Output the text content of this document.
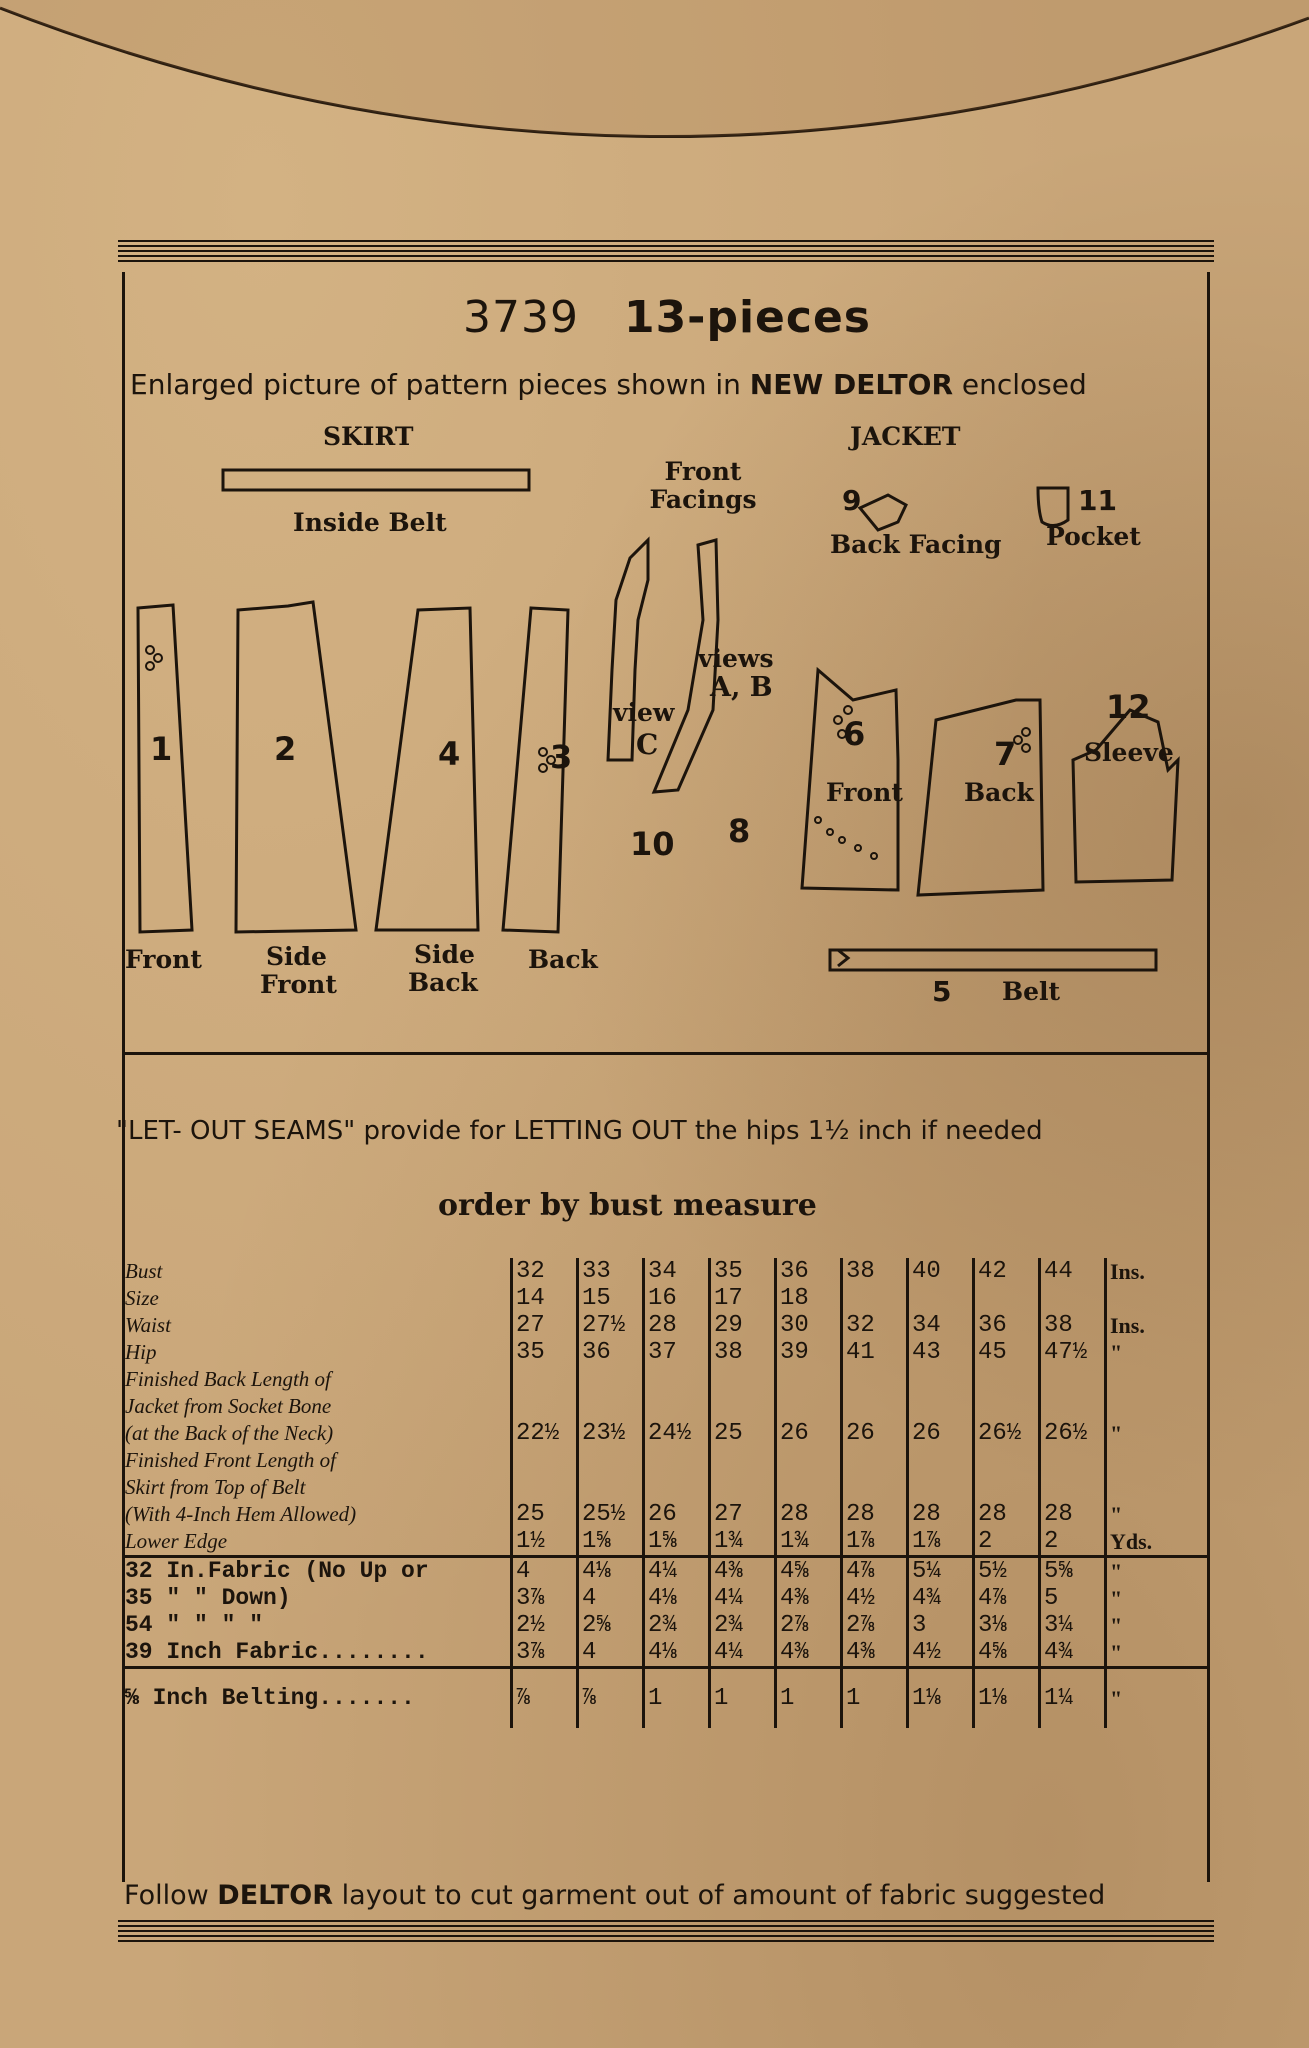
3739 13-pieces
Enlarged picture of pattern pieces shown in NEW DELTOR enclosed
SKIRT	JACKET
Inside Belt
Front Facings	9
Back Facing
11
Pocket
1	2	4	3
Front	Side
Front
Side
Back
Back
view
C
10
views
A, B
8
6
Front
7
Back
12
Sleeve
5 Belt
"LET- OUT SEAMS" provide for LETTING OUT the hips 1½ inch if needed
order by bust measure
Bust	32	33	34	35	36	38	40	42	44	Ins.

Size	14	15	16	17	18					

Waist	27	27½	28	29	30	32	34	36	38	Ins.

Hip	35	36	37	38	39	41	43	45	47½	"

Finished Back Length of
Jacket from Socket Bone
(at the Back of the Neck)	22½	23½	24½	25	26	26	26	26½	26½	"

Finished Front Length of
Skirt from Top of Belt
(With 4-Inch Hem Allowed)	25	25½	26	27	28	28	28	28	28	"

Lower Edge	1½	1⅝	1⅝	1¾	1¾	1⅞	1⅞	2	2	Yds.

32 In.Fabric (No Up or	4	4⅛	4¼	4⅜	4⅝	4⅞	5¼	5½	5⅝	"

35 " " Down)	3⅞	4	4⅛	4¼	4⅜	4½	4¾	4⅞	5	"

54 " " " "	2½	2⅝	2¾	2¾	2⅞	2⅞	3	3⅛	3¼	"

39 Inch Fabric........	3⅞	4	4⅛	4¼	4⅜	4⅜	4½	4⅝	4¾	"

⅝ Inch Belting.......	⅞	⅞	1	1	1	1	1⅛	1⅛	1¼	"
Follow DELTOR layout to cut garment out of amount of fabric suggested
